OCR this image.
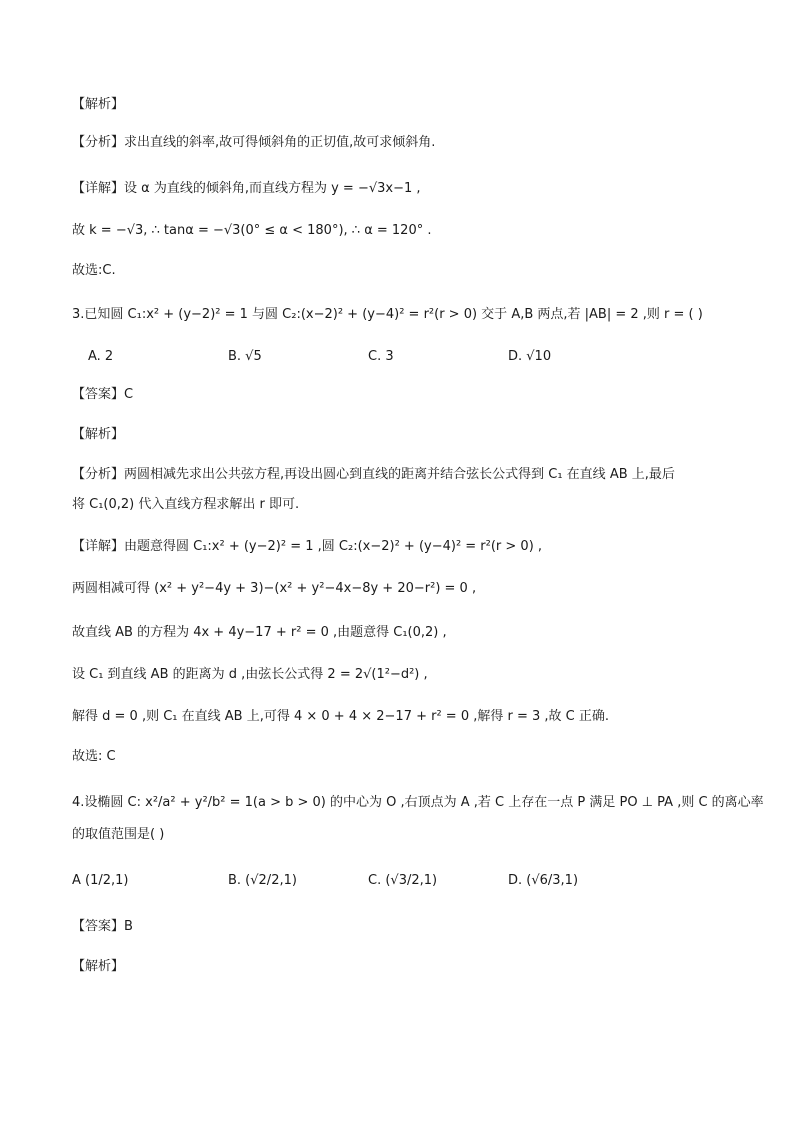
【解析】
【分析】求出直线的斜率,故可得倾斜角的正切值,故可求倾斜角.
【详解】设 α 为直线的倾斜角,而直线方程为 y = −√3x−1 ,
故 k = −√3, ∴ tanα = −√3(0° ≤ α < 180°), ∴ α = 120° .
故选:C.
3.已知圆 C₁:x² + (y−2)² = 1 与圆 C₂:(x−2)² + (y−4)² = r²(r > 0) 交于 A,B 两点,若 |AB| = 2 ,则 r = ( )
A. 2	B. √5	C. 3	D. √10
【答案】C
【解析】
【分析】两圆相减先求出公共弦方程,再设出圆心到直线的距离并结合弦长公式得到 C₁ 在直线 AB 上,最后
将 C₁(0,2) 代入直线方程求解出 r 即可.
【详解】由题意得圆 C₁:x² + (y−2)² = 1 ,圆 C₂:(x−2)² + (y−4)² = r²(r > 0) ,
两圆相减可得 (x² + y²−4y + 3)−(x² + y²−4x−8y + 20−r²) = 0 ,
故直线 AB 的方程为 4x + 4y−17 + r² = 0 ,由题意得 C₁(0,2) ,
设 C₁ 到直线 AB 的距离为 d ,由弦长公式得 2 = 2√(1²−d²) ,
解得 d = 0 ,则 C₁ 在直线 AB 上,可得 4 × 0 + 4 × 2−17 + r² = 0 ,解得 r = 3 ,故 C 正确.
故选: C
4.设椭圆 C: x²/a² + y²/b² = 1(a > b > 0) 的中心为 O ,右顶点为 A ,若 C 上存在一点 P 满足 PO ⊥ PA ,则 C 的离心率
的取值范围是( )
A (1/2,1)	B. (√2/2,1)	C. (√3/2,1)	D. (√6/3,1)
【答案】B
【解析】
